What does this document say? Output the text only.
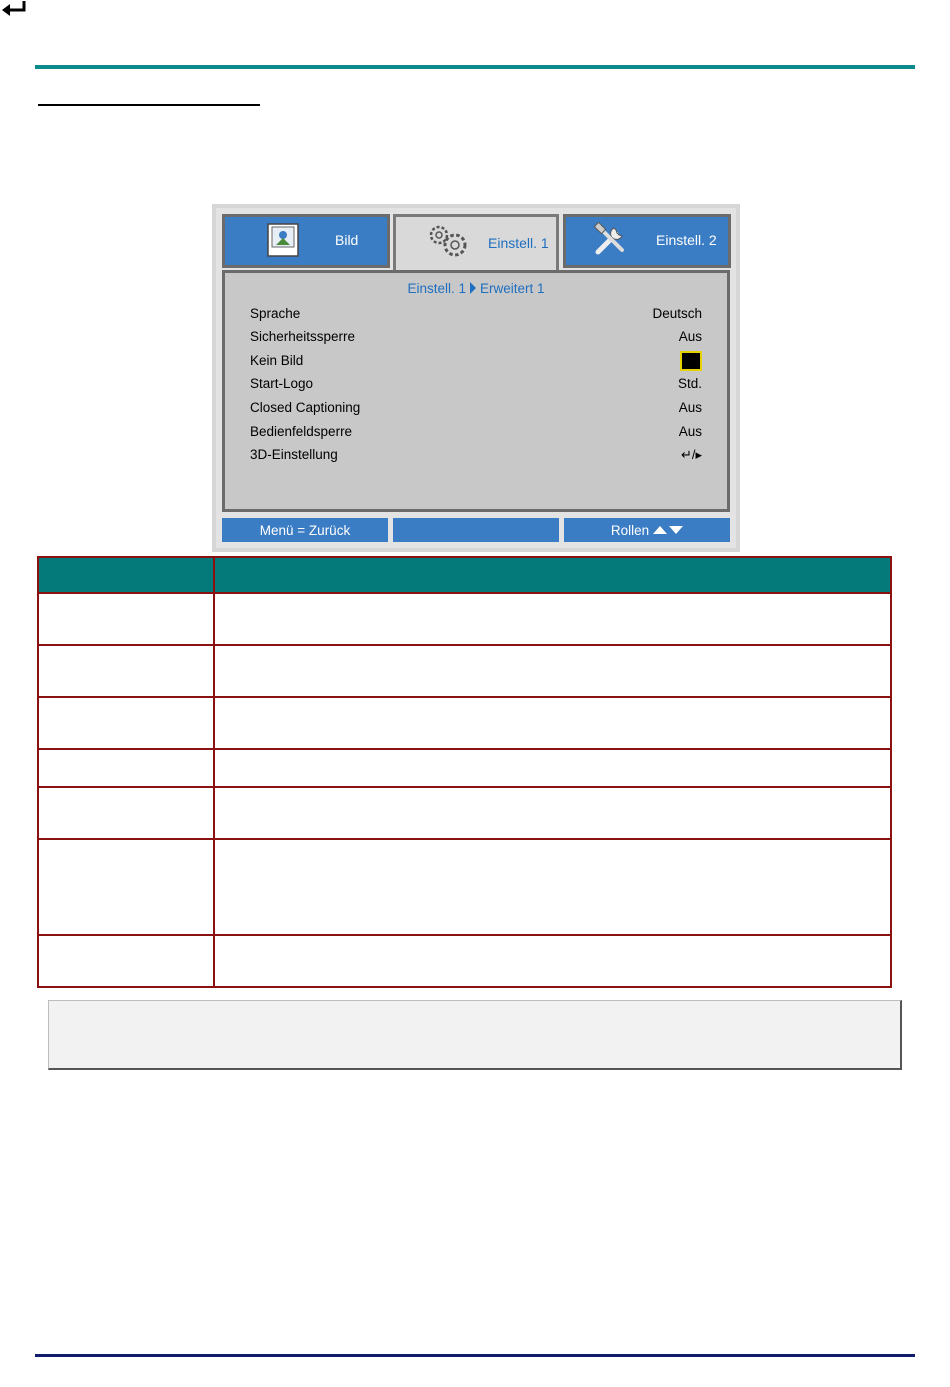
Bild	Einstell. 1	Einstell. 2
Einstell. 1 Erweitert 1
Sprache	Deutsch
Sicherheitssperre	Aus
Kein Bild
Start-Logo	Std.
Closed Captioning	Aus
Bedienfeldsperre	Aus
3D-Einstellung	↵/▸
Menü = Zurück	Rollen
